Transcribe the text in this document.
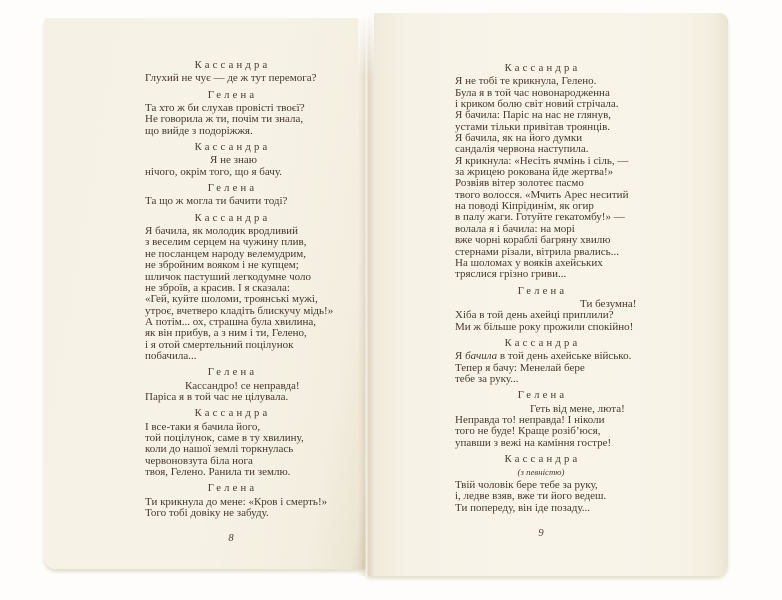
Кассандра
Глухий не чує — де ж тут перемога?
Гелена
Та хто ж би слухав провісті твоєї?
Не говорила ж ти, почім ти знала,
що вийде з подоріжжя.
Кассандра
Я не знаю
нічого, окрім того, що я бачу.
Гелена
Та що ж могла ти бачити тоді?
Кассандра
Я бачила, як молодик вродливий
з веселим серцем на чужину плив,
не посланцем народу велемудрим,
не збройним вояком і не купцем;
шличок пастуший легкодумне чоло
не зброїв, а красив. І я сказала:
«Гей, куйте шоломи, троянські мужі,
утроє, вчетверо кладіть блискучу мідь!»
А потім... ох, страшна була хвилина,
як він прибув, а з ним і ти, Гелено,
і я отой смертельний поцілунок
побачила...
Гелена
Кассандро! се неправда!
Паріса я в той час не цілувала.
Кассандра
І все-таки я бачила його,
той поцілунок, саме в ту хвилину,
коли до нашої землі торкнулась
червоновзута біла нога
твоя, Гелено. Ранила ти землю.
Гелена
Ти крикнула до мене: «Кров і смерть!»
Того тобі довіку не забуду.
8
Кассандра
Я не тобі те крикнула, Гелено.
Була я в той час новонародже́нна
і криком болю світ новий стрічала.
Я бачила: Паріс на нас не глянув,
устами тільки привітав троянців.
Я бачила, як на його думки
сандалія червона наступила.
Я крикнула: «Несіть ячмінь і сіль, —
за жрицею рокована йде жертва!»
Розвіяв вітер золотеє пасмо
твого волосся. «Мчить Арес неситий
на поводі Кіпрідинім, як огир
в палу́ жаги. Готуйте гекатомбу!» —
волала я і бачила: на морі
вже чорні кораблі багряну хвилю
стернами різали, вітрила рвались...
На шоломах у вояків ахейських
тряслися грізно гриви...
Гелена
Ти безумна!
Хіба в той день ахейці приплили?
Ми ж більше року прожили спокійно!
Кассандра
Я бачила в той день ахейське військо.
Тепер я бачу: Менелай бере
тебе за руку...
Гелена
Геть від мене, люта!
Неправда то! неправда! І ніколи
того не буде! Краще розіб’юся,
упавши з вежі на каміння гостре!
Кассандра
(з певністю)
Твій чоловік бере тебе за руку,
і, ледве взяв, вже ти його ведеш.
Ти попереду, він іде позаду...
9
